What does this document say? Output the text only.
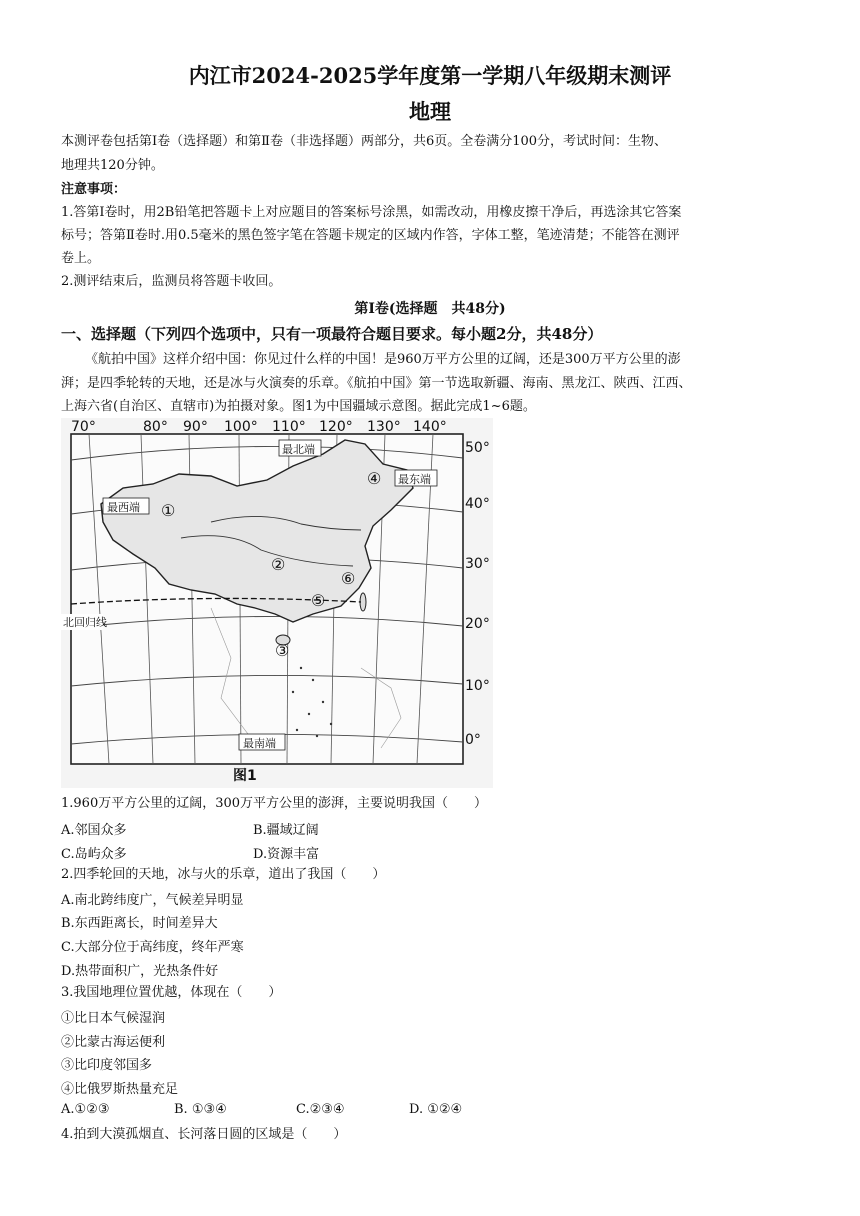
内江市2024-2025学年度第一学期八年级期末测评
地理
本测评卷包括第Ⅰ卷（选择题）和第Ⅱ卷（非选择题）两部分，共6页。全卷满分100分，考试时间：生物、
地理共120分钟。
注意事项：
1.答第Ⅰ卷时，用2B铅笔把答题卡上对应题目的答案标号涂黑，如需改动，用橡皮擦干净后，再选涂其它答案
标号；答第Ⅱ卷时.用0.5毫米的黑色签字笔在答题卡规定的区域内作答，字体工整，笔迹清楚；不能答在测评
卷上。
2.测评结束后，监测员将答题卡收回。
第Ⅰ卷(选择题　共48分)
一、选择题（下列四个选项中，只有一项最符合题目要求。每小题2分，共48分）
《航拍中国》这样介绍中国：你见过什么样的中国！是960万平方公里的辽阔，还是300万平方公里的澎
湃；是四季轮转的天地，还是冰与火演奏的乐章。《航拍中国》第一节选取新疆、海南、黑龙江、陕西、江西、
上海六省(自治区、直辖市)为拍摄对象。图1为中国疆域示意图。据此完成1~6题。
70°	80° 90° 100° 110° 120° 130° 140°
50°
40°
30°
20°
10°
0°
最北端
最东端
最西端
最南端
北回归线
①
②
③
④
⑤
⑥
图1
1.960万平方公里的辽阔，300万平方公里的澎湃，主要说明我国（　　）
A.邻国众多	B.疆域辽阔
C.岛屿众多	D.资源丰富
2.四季轮回的天地，冰与火的乐章，道出了我国（　　）
A.南北跨纬度广，气候差异明显
B.东西距离长，时间差异大
C.大部分位于高纬度，终年严寒
D.热带面积广，光热条件好
3.我国地理位置优越，体现在（　　）
①比日本气候湿润
②比蒙古海运便利
③比印度邻国多
④比俄罗斯热量充足
A.①②③	B. ①③④	C.②③④	D. ①②④
4.拍到大漠孤烟直、长河落日圆的区域是（　　）
